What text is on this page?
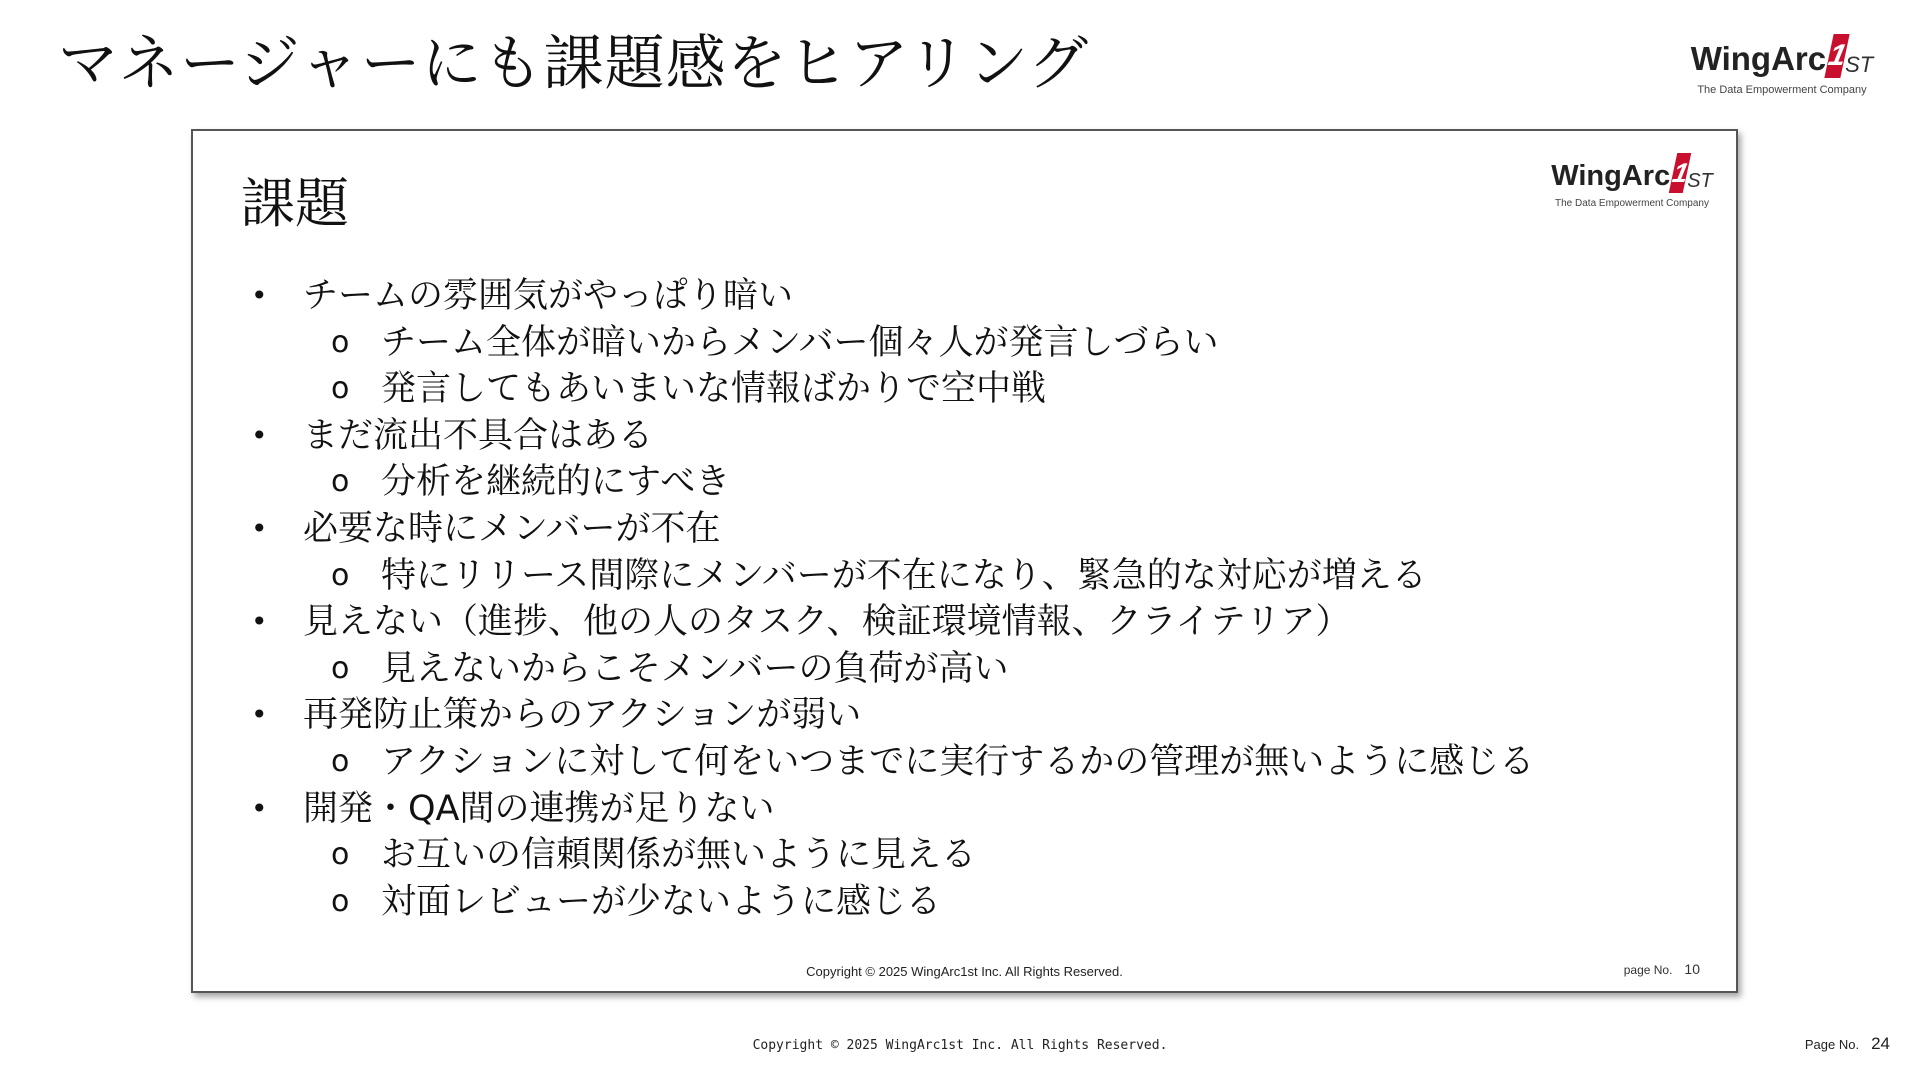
マネージャーにも課題感をヒアリング	WingArc 1
ST
The Data Empowerment Company
課題	WingArc 1
ST
The Data Empowerment Company
• チームの雰囲気がやっぱり暗い
o チーム全体が暗いからメンバー個々人が発言しづらい
o 発言してもあいまいな情報ばかりで空中戦
• まだ流出不具合はある
o 分析を継続的にすべき
• 必要な時にメンバーが不在
o 特にリリース間際にメンバーが不在になり、緊急的な対応が増える
• 見えない（進捗、他の人のタスク、検証環境情報、クライテリア）
o 見えないからこそメンバーの負荷が高い
• 再発防止策からのアクションが弱い
o アクションに対して何をいつまでに実行するかの管理が無いように感じる
• 開発・QA間の連携が足りない
o お互いの信頼関係が無いように見える
o 対面レビューが少ないように感じる
Copyright © 2025 WingArc1st Inc. All Rights Reserved.	page No. 10
Copyright © 2025 WingArc1st Inc. All Rights Reserved.	Page No. 24
